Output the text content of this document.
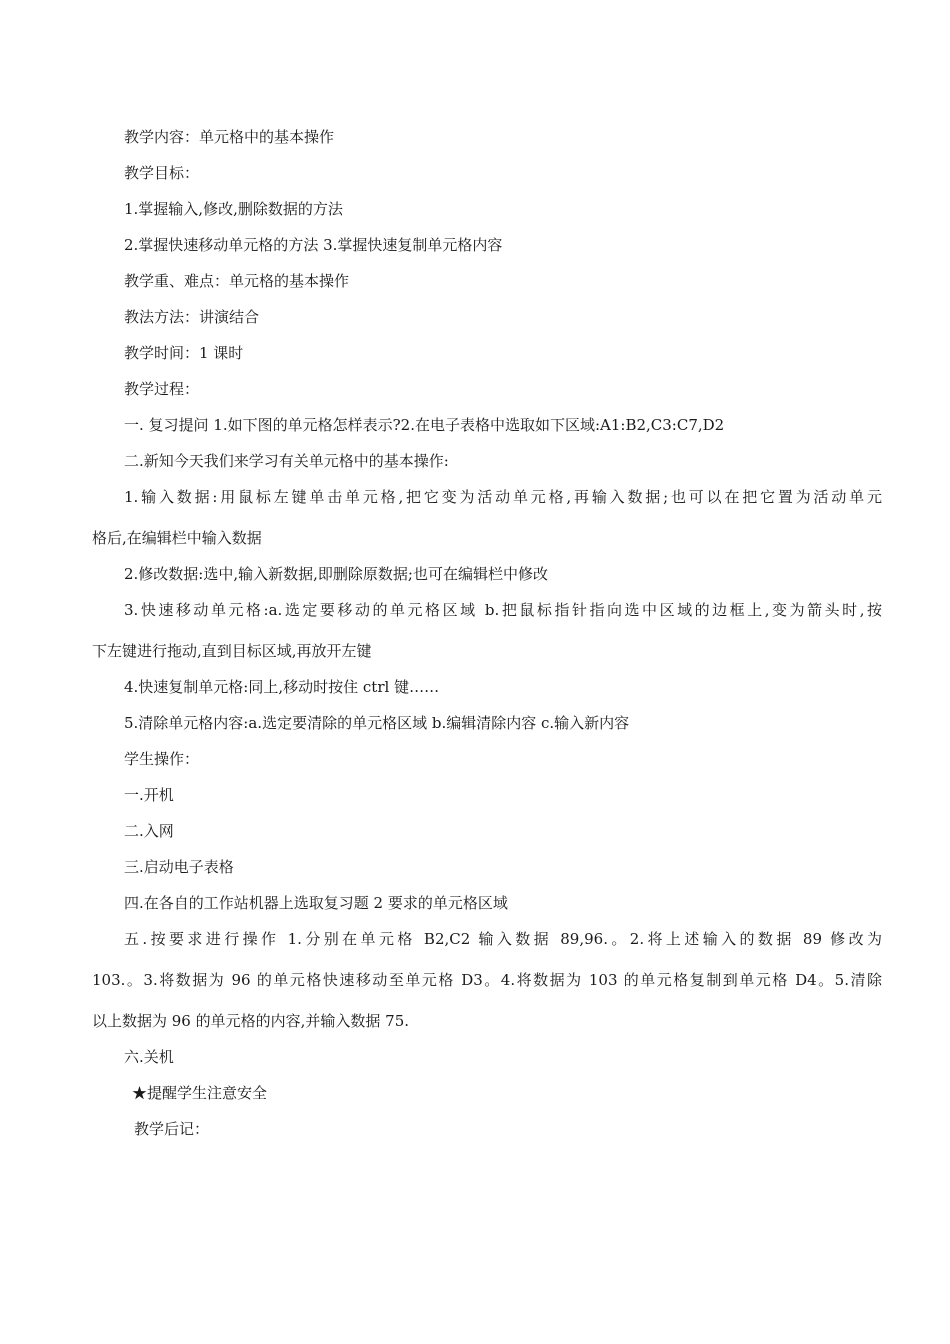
教学内容：单元格中的基本操作
教学目标：
1.掌握输入,修改,删除数据的方法
2.掌握快速移动单元格的方法 3.掌握快速复制单元格内容
教学重、难点：单元格的基本操作
教法方法：讲演结合
教学时间：1 课时
教学过程：
一. 复习提问 1.如下图的单元格怎样表示?2.在电子表格中选取如下区域:A1:B2,C3:C7,D2
二.新知今天我们来学习有关单元格中的基本操作:
1.输入数据:用鼠标左键单击单元格,把它变为活动单元格,再输入数据;也可以在把它置为活动单元
格后,在编辑栏中输入数据
2.修改数据:选中,输入新数据,即删除原数据;也可在编辑栏中修改
3.快速移动单元格:a.选定要移动的单元格区域 b.把鼠标指针指向选中区域的边框上,变为箭头时,按
下左键进行拖动,直到目标区域,再放开左键
4.快速复制单元格:同上,移动时按住 ctrl 键……
5.清除单元格内容:a.选定要清除的单元格区域 b.编辑清除内容 c.输入新内容
学生操作：
一.开机
二.入网
三.启动电子表格
四.在各自的工作站机器上选取复习题 2 要求的单元格区域
五.按要求进行操作 1.分别在单元格 B2,C2 输入数据 89,96.。2.将上述输入的数据 89 修改为
103.。3.将数据为 96 的单元格快速移动至单元格 D3。4.将数据为 103 的单元格复制到单元格 D4。5.清除
以上数据为 96 的单元格的内容,并输入数据 75.
六.关机
★提醒学生注意安全
教学后记：
